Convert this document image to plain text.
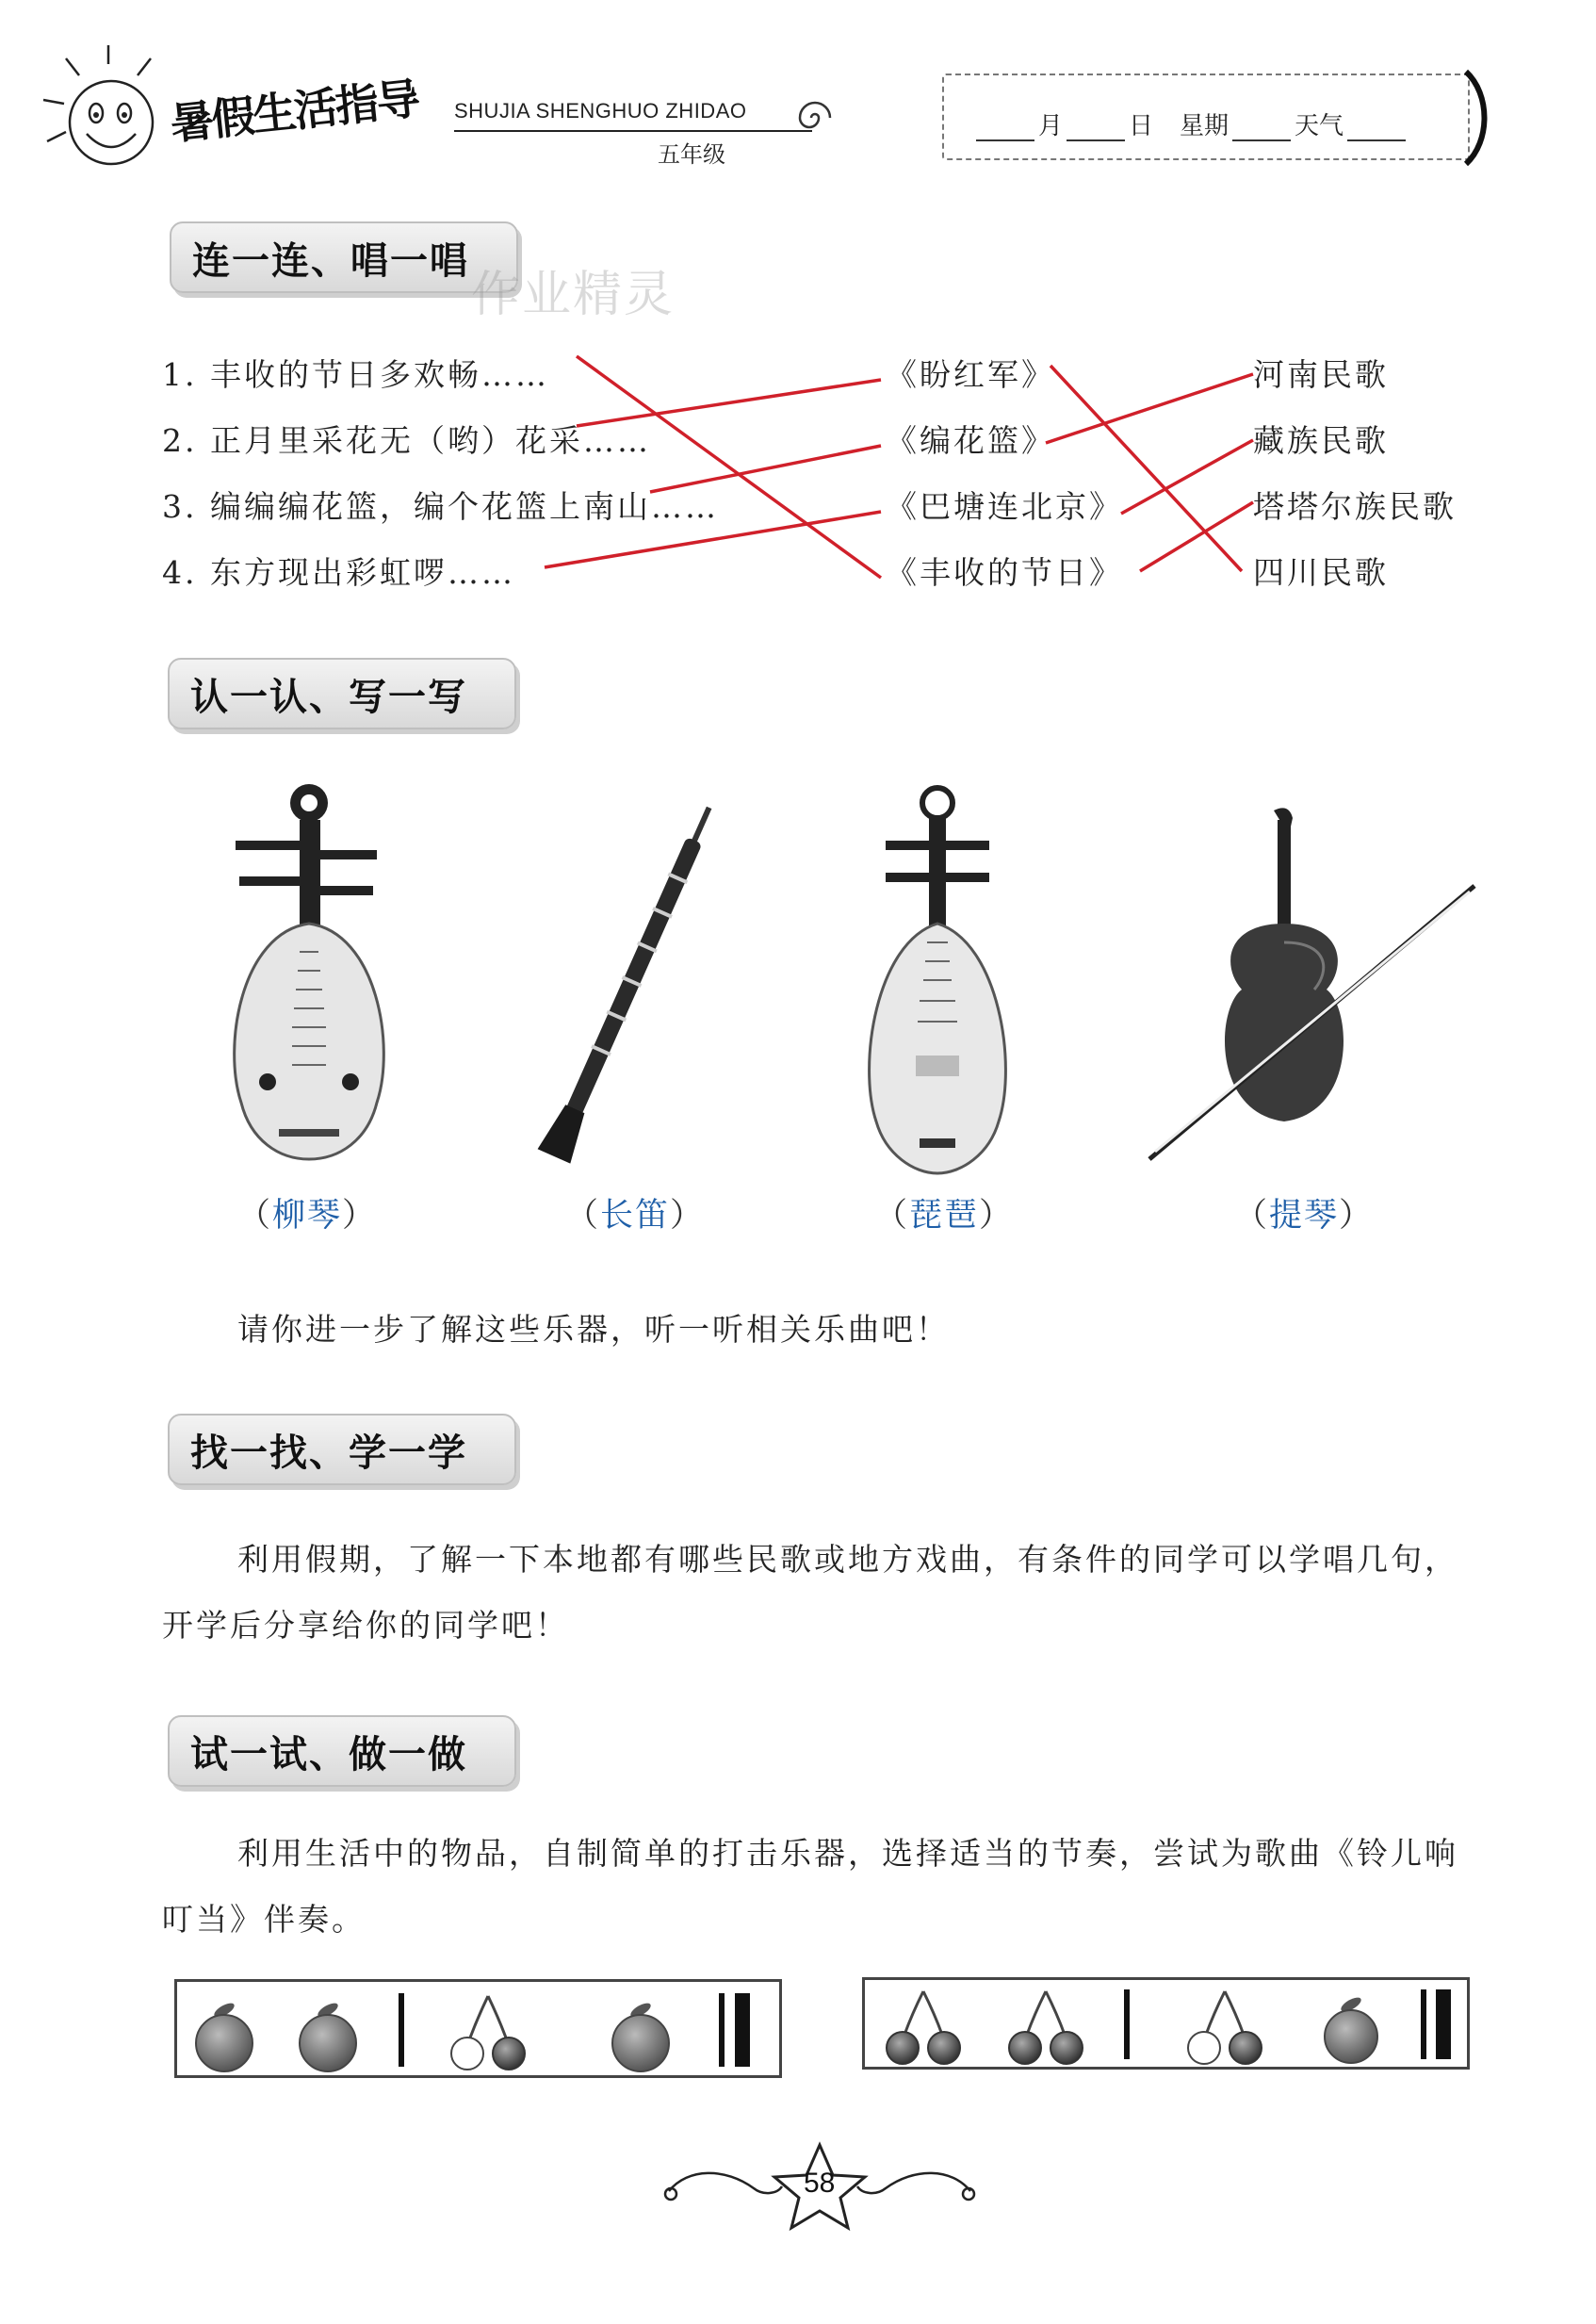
暑假生活指导 SHUJIA SHENGHUO ZHIDAO
五年级
月	日 星期	天气
连一连、唱一唱
作业精灵
1. 丰收的节日多欢畅……
2. 正月里采花无（哟）花采……
3. 编编编花篮，编个花篮上南山……
4. 东方现出彩虹啰……
《盼红军》
《编花篮》
《巴塘连北京》
《丰收的节日》
河南民歌
藏族民歌
塔塔尔族民歌
四川民歌
认一认、写一写
（柳琴）	（长笛）	（琵琶）	（提琴）
请你进一步了解这些乐器，听一听相关乐曲吧！
找一找、学一学
利用假期，了解一下本地都有哪些民歌或地方戏曲，有条件的同学可以学唱几句，开学后分享给你的同学吧！
试一试、做一做
利用生活中的物品，自制简单的打击乐器，选择适当的节奏，尝试为歌曲《铃儿响叮当》伴奏。
58
